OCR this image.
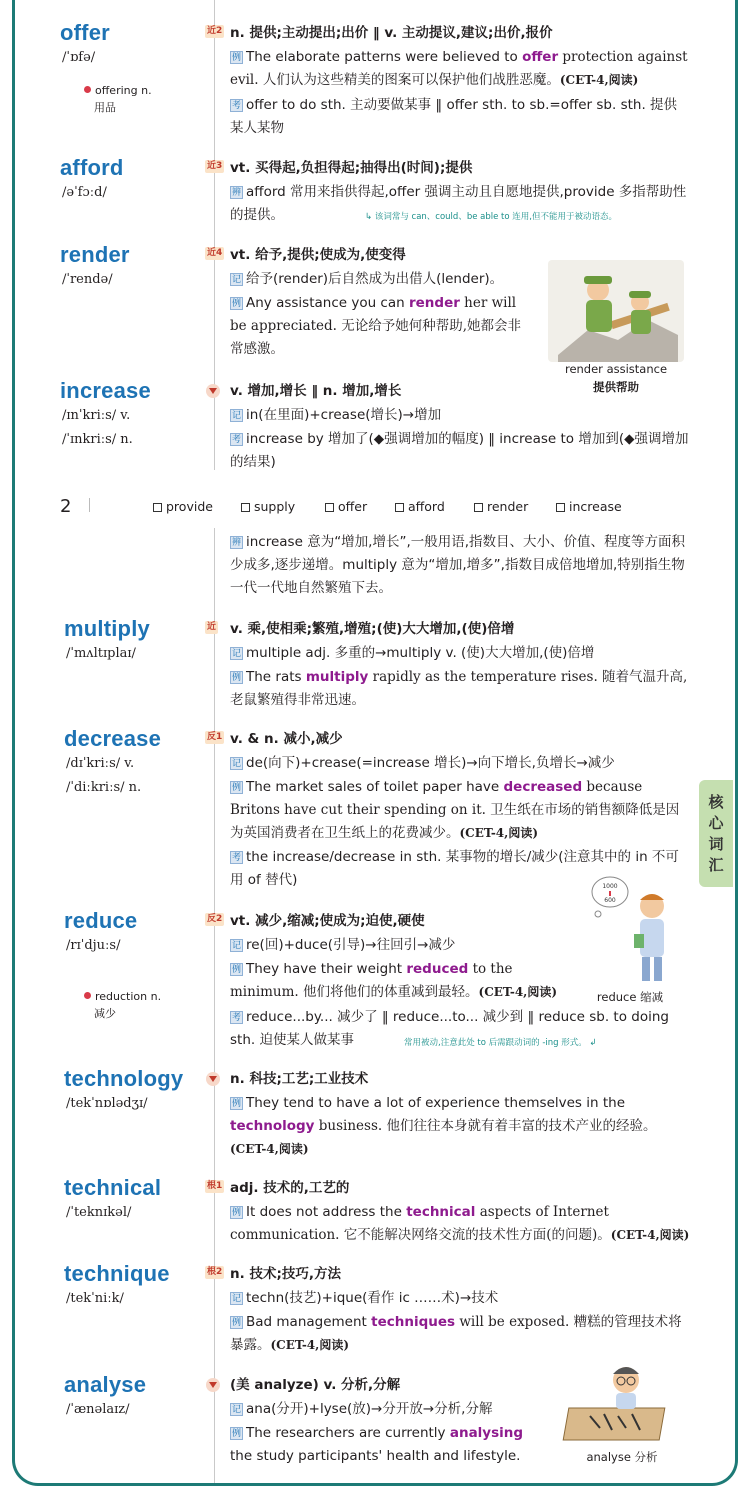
offer
/ˈɒfə/
offering n.
用品
近2 n. 提供;主动提出;出价 ‖ v. 主动提议,建议;出价,报价
例 The elaborate patterns were believed to offer protection against evil. 人们认为这些精美的图案可以保护他们战胜恶魔。(CET-4,阅读)
考 offer to do sth. 主动要做某事 ‖ offer sth. to sb.=offer sb. sth. 提供某人某物
afford
/əˈfɔːd/
近3 vt. 买得起,负担得起;抽得出(时间);提供
辨 afford 常用来指供得起,offer 强调主动且自愿地提供,provide 多指帮助性的提供。	↳ 该词常与 can、could、be able to 连用,但不能用于被动语态。
render
/ˈrendə/
近4 vt. 给予,提供;使成为,使变得
记 给予(render)后自然成为出借人(lender)。
例 Any assistance you can render her will be appreciated. 无论给予她何种帮助,她都会非常感激。
render assistance
提供帮助
increase
/ɪnˈkriːs/ v.
/ˈɪnkriːs/ n.
v. 增加,增长 ‖ n. 增加,增长
记 in(在里面)+crease(增长)→增加
考 increase by 增加了(◆强调增加的幅度) ‖ increase to 增加到(◆强调增加的结果)
2	provide	supply	offer	afford	render	increase
辨 increase 意为“增加,增长”,一般用语,指数目、大小、价值、程度等方面积少成多,逐步递增。multiply 意为“增加,增多”,指数目成倍地增加,特别指生物一代一代地自然繁殖下去。
multiply
/ˈmʌltɪplaɪ/
近 v. 乘,使相乘;繁殖,增殖;(使)大大增加,(使)倍增
记 multiple adj. 多重的→multiply v. (使)大大增加,(使)倍增
例 The rats multiply rapidly as the temperature rises. 随着气温升高,老鼠繁殖得非常迅速。
decrease
/dɪˈkriːs/ v.
/ˈdiːkriːs/ n.
反1 v. & n. 减小,减少
记 de(向下)+crease(=increase 增长)→向下增长,负增长→减少
例 The market sales of toilet paper have decreased because Britons have cut their spending on it. 卫生纸在市场的销售额降低是因为英国消费者在卫生纸上的花费减少。(CET-4,阅读)
考 the increase/decrease in sth. 某事物的增长/减少(注意其中的 in 不可用 of 替代)
核
心
词
汇
reduce
/rɪˈdjuːs/
reduction n.
减少
反2 vt. 减少,缩减;使成为;迫使,硬使
记 re(回)+duce(引导)→往回引→减少
例 They have their weight reduced to the minimum. 他们将他们的体重减到最轻。(CET-4,阅读)
考 reduce...by... 减少了 ‖ reduce...to... 减少到 ‖ reduce sb. to doing sth. 迫使某人做某事	常用被动,注意此处 to 后需跟动词的 -ing 形式。 ↲
1000
600
reduce 缩减
technology
/tekˈnɒlədʒɪ/
n. 科技;工艺;工业技术
例 They tend to have a lot of experience themselves in the technology business. 他们往往本身就有着丰富的技术产业的经验。(CET-4,阅读)
technical
/ˈteknɪkəl/
根1 adj. 技术的,工艺的
例 It does not address the technical aspects of Internet communication. 它不能解决网络交流的技术性方面(的问题)。(CET-4,阅读)
technique
/tekˈniːk/
根2 n. 技术;技巧,方法
记 techn(技艺)+ique(看作 ic ……术)→技术
例 Bad management techniques will be exposed. 糟糕的管理技术将暴露。(CET-4,阅读)
analyse
/ˈænəlaɪz/
(美 analyze) v. 分析,分解
记 ana(分开)+lyse(放)→分开放→分析,分解
例 The researchers are currently analysing the study participants' health and lifestyle.	analyse 分析
